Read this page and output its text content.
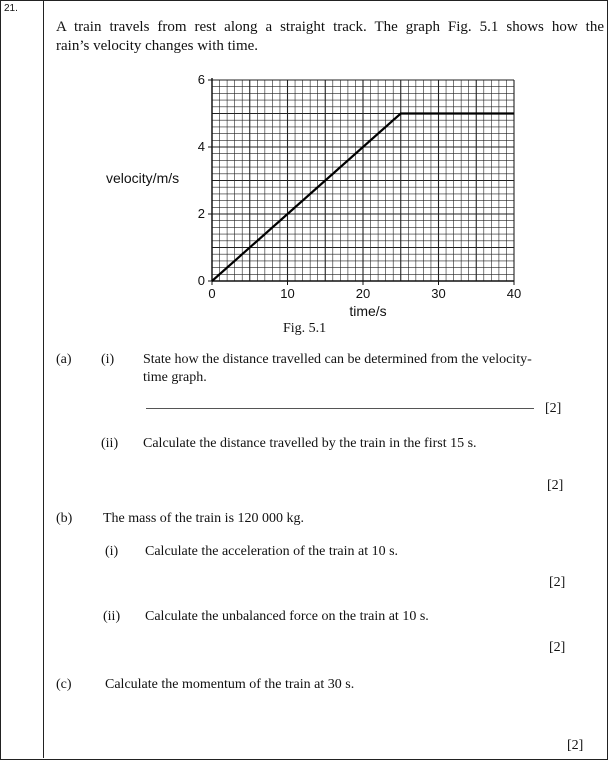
21.
A train travels from rest along a straight track. The graph Fig. 5.1 shows how the
rain’s velocity changes with time.
0	10	20	30	40
0
2
4
6
velocity/m/s
time/s
Fig. 5.1
(a) (i) State how the distance travelled can be determined from the velocity-
time graph.
[2]
(ii) Calculate the distance travelled by the train in the first 15 s.
[2]
(b) The mass of the train is 120 000 kg.
(i) Calculate the acceleration of the train at 10 s.
[2]
(ii) Calculate the unbalanced force on the train at 10 s.
[2]
(c) Calculate the momentum of the train at 30 s.
[2]
